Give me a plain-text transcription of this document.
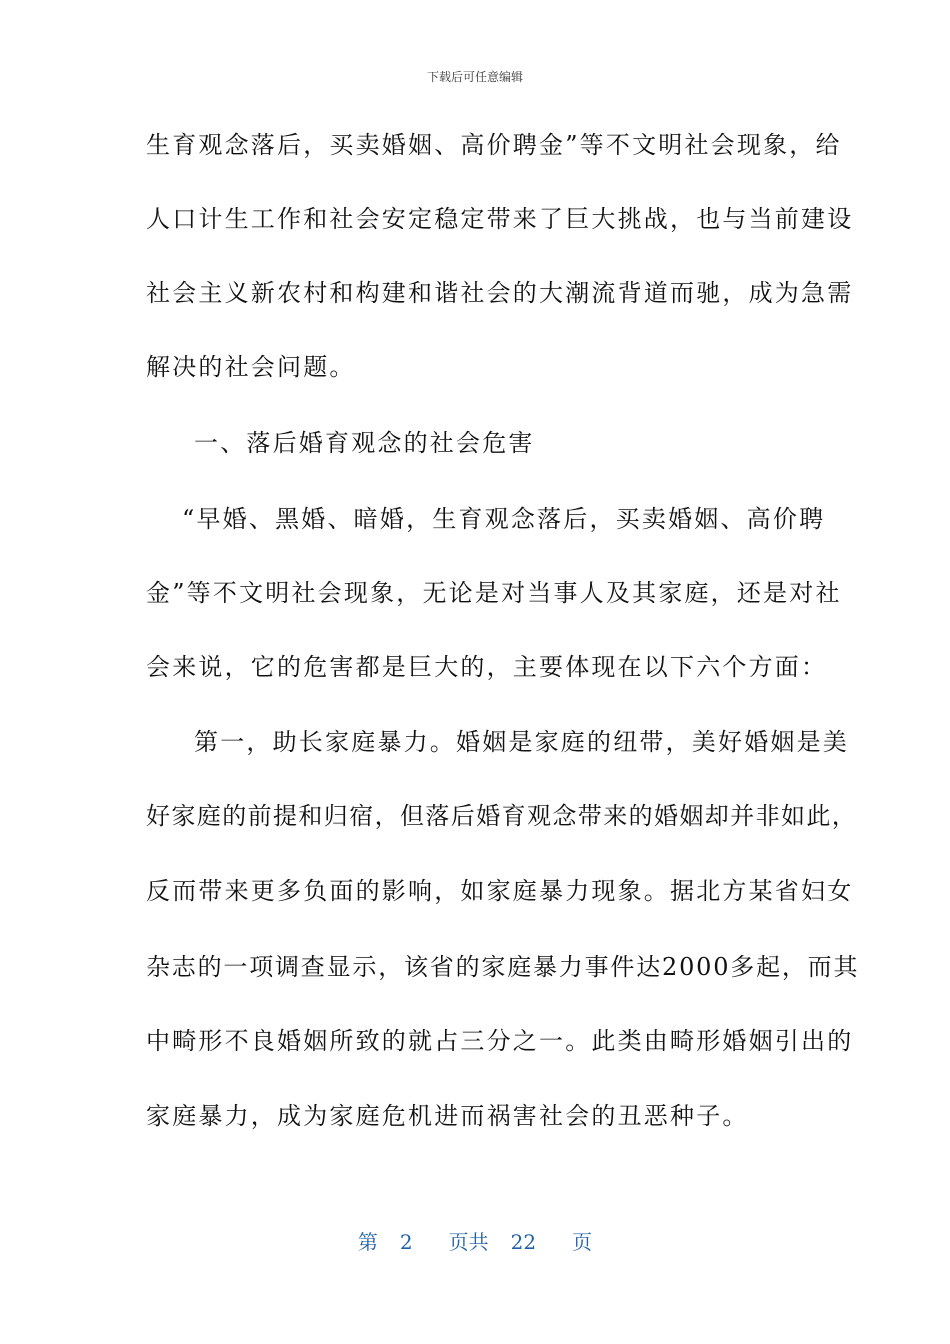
下载后可任意编辑
生育观念落后，买卖婚姻、高价聘金”等不文明社会现象，给
人口计生工作和社会安定稳定带来了巨大挑战，也与当前建设
社会主义新农村和构建和谐社会的大潮流背道而驰，成为急需
解决的社会问题。
一、落后婚育观念的社会危害
“早婚、黑婚、暗婚，生育观念落后，买卖婚姻、高价聘
金”等不文明社会现象，无论是对当事人及其家庭，还是对社
会来说，它的危害都是巨大的，主要体现在以下六个方面：
第一，助长家庭暴力。婚姻是家庭的纽带，美好婚姻是美
好家庭的前提和归宿，但落后婚育观念带来的婚姻却并非如此，
反而带来更多负面的影响，如家庭暴力现象。据北方某省妇女
杂志的一项调查显示，该省的家庭暴力事件达2000多起，而其
中畸形不良婚姻所致的就占三分之一。此类由畸形婚姻引出的
家庭暴力，成为家庭危机进而祸害社会的丑恶种子。
第 2 页共 22 页
